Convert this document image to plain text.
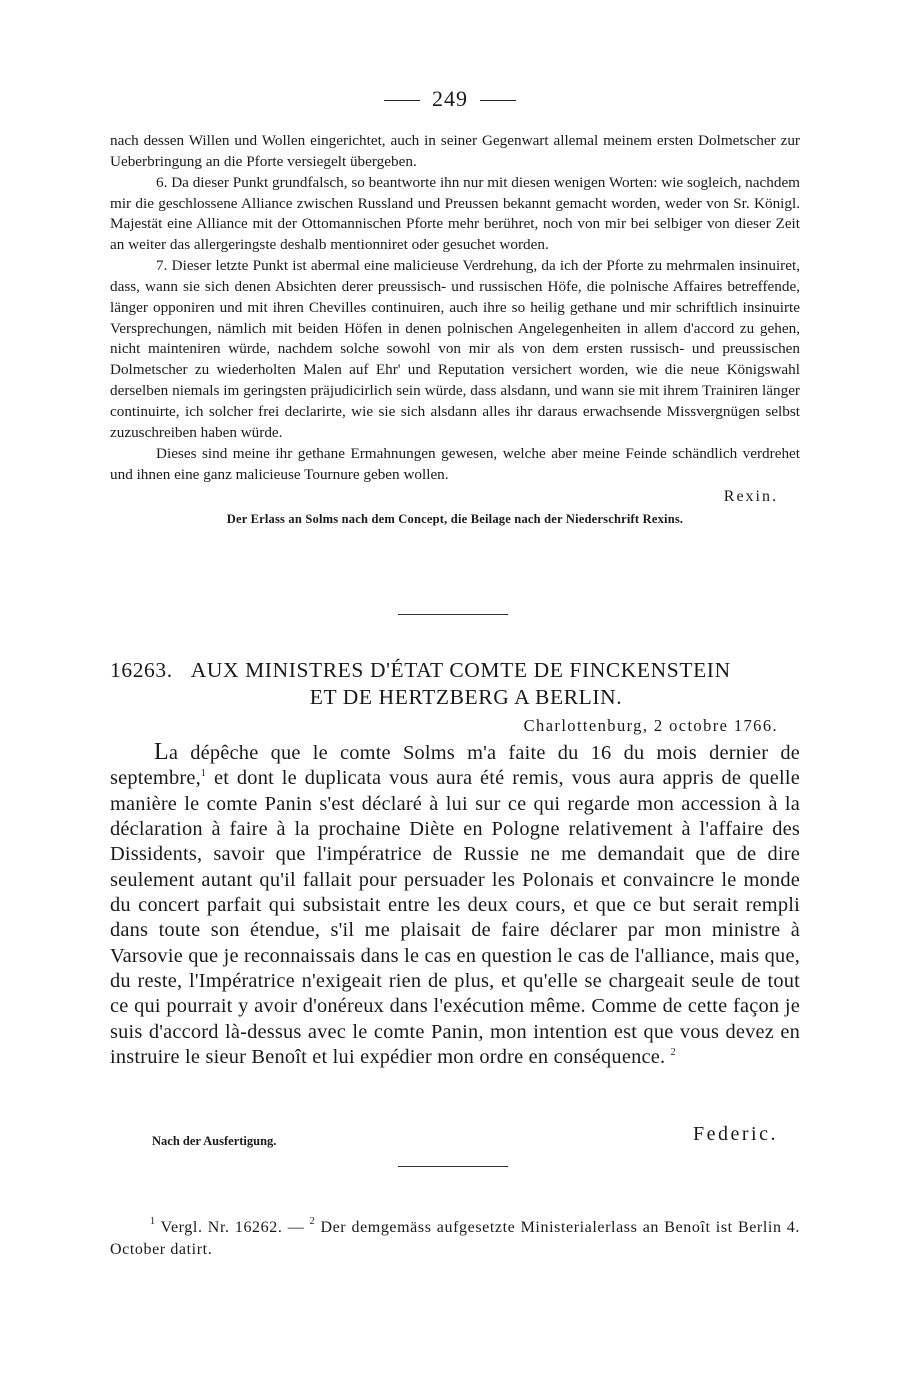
249

nach dessen Willen und Wollen eingerichtet, auch in seiner Gegenwart allemal meinem ersten Dolmetscher zur Ueberbringung an die Pforte versiegelt übergeben.

6. Da dieser Punkt grundfalsch, so beantworte ihn nur mit diesen wenigen Worten: wie sogleich, nachdem mir die geschlossene Alliance zwischen Russland und Preussen bekannt gemacht worden, weder von Sr. Königl. Majestät eine Alliance mit der Ottomannischen Pforte mehr berühret, noch von mir bei selbiger von dieser Zeit an weiter das allergeringste deshalb mentionniret oder gesuchet worden.

7. Dieser letzte Punkt ist abermal eine malicieuse Verdrehung, da ich der Pforte zu mehrmalen insinuiret, dass, wann sie sich denen Absichten derer preussisch- und russischen Höfe, die polnische Affaires betreffende, länger opponiren und mit ihren Chevilles continuiren, auch ihre so heilig gethane und mir schriftlich insinuirte Versprechungen, nämlich mit beiden Höfen in denen polnischen Angelegenheiten in allem d'accord zu gehen, nicht mainteniren würde, nachdem solche sowohl von mir als von dem ersten russisch- und preussischen Dolmetscher zu wiederholten Malen auf Ehr' und Reputation versichert worden, wie die neue Königswahl derselben niemals im geringsten präjudicirlich sein würde, dass alsdann, und wann sie mit ihrem Trainiren länger continuirte, ich solcher frei declarirte, wie sie sich alsdann alles ihr daraus erwachsende Missvergnügen selbst zuzuschreiben haben würde.

Dieses sind meine ihr gethane Ermahnungen gewesen, welche aber meine Feinde schändlich verdrehet und ihnen eine ganz malicieuse Tournure geben wollen.

Rexin.
Der Erlass an Solms nach dem Concept, die Beilage nach der Niederschrift Rexins.
16263. AUX MINISTRES D'ÉTAT COMTE DE FINCKENSTEIN
ET DE HERTZBERG A BERLIN.
Charlottenburg, 2 octobre 1766.

La dépêche que le comte Solms m'a faite du 16 du mois dernier de septembre,$^1$ et dont le duplicata vous aura été remis, vous aura appris de quelle manière le comte Panin s'est déclaré à lui sur ce qui regarde mon accession à la déclaration à faire à la prochaine Diète en Pologne relativement à l'affaire des Dissidents, savoir que l'impératrice de Russie ne me demandait que de dire seulement autant qu'il fallait pour persuader les Polonais et convaincre le monde du concert parfait qui subsistait entre les deux cours, et que ce but serait rempli dans toute son étendue, s'il me plaisait de faire déclarer par mon ministre à Varsovie que je reconnaissais dans le cas en question le cas de l'alliance, mais que, du reste, l'Impératrice n'exigeait rien de plus, et qu'elle se chargeait seule de tout ce qui pourrait y avoir d'onéreux dans l'exécution même. Comme de cette façon je suis d'accord là-dessus avec le comte Panin, mon intention est que vous devez en instruire le sieur Benoît et lui expédier mon ordre en conséquence. $^2$

Nach der Ausfertigung.	Federic.

$^1$ Vergl. Nr. 16262. — $^2$ Der demgemäss aufgesetzte Ministerialerlass an Benoît ist Berlin 4. October datirt.
